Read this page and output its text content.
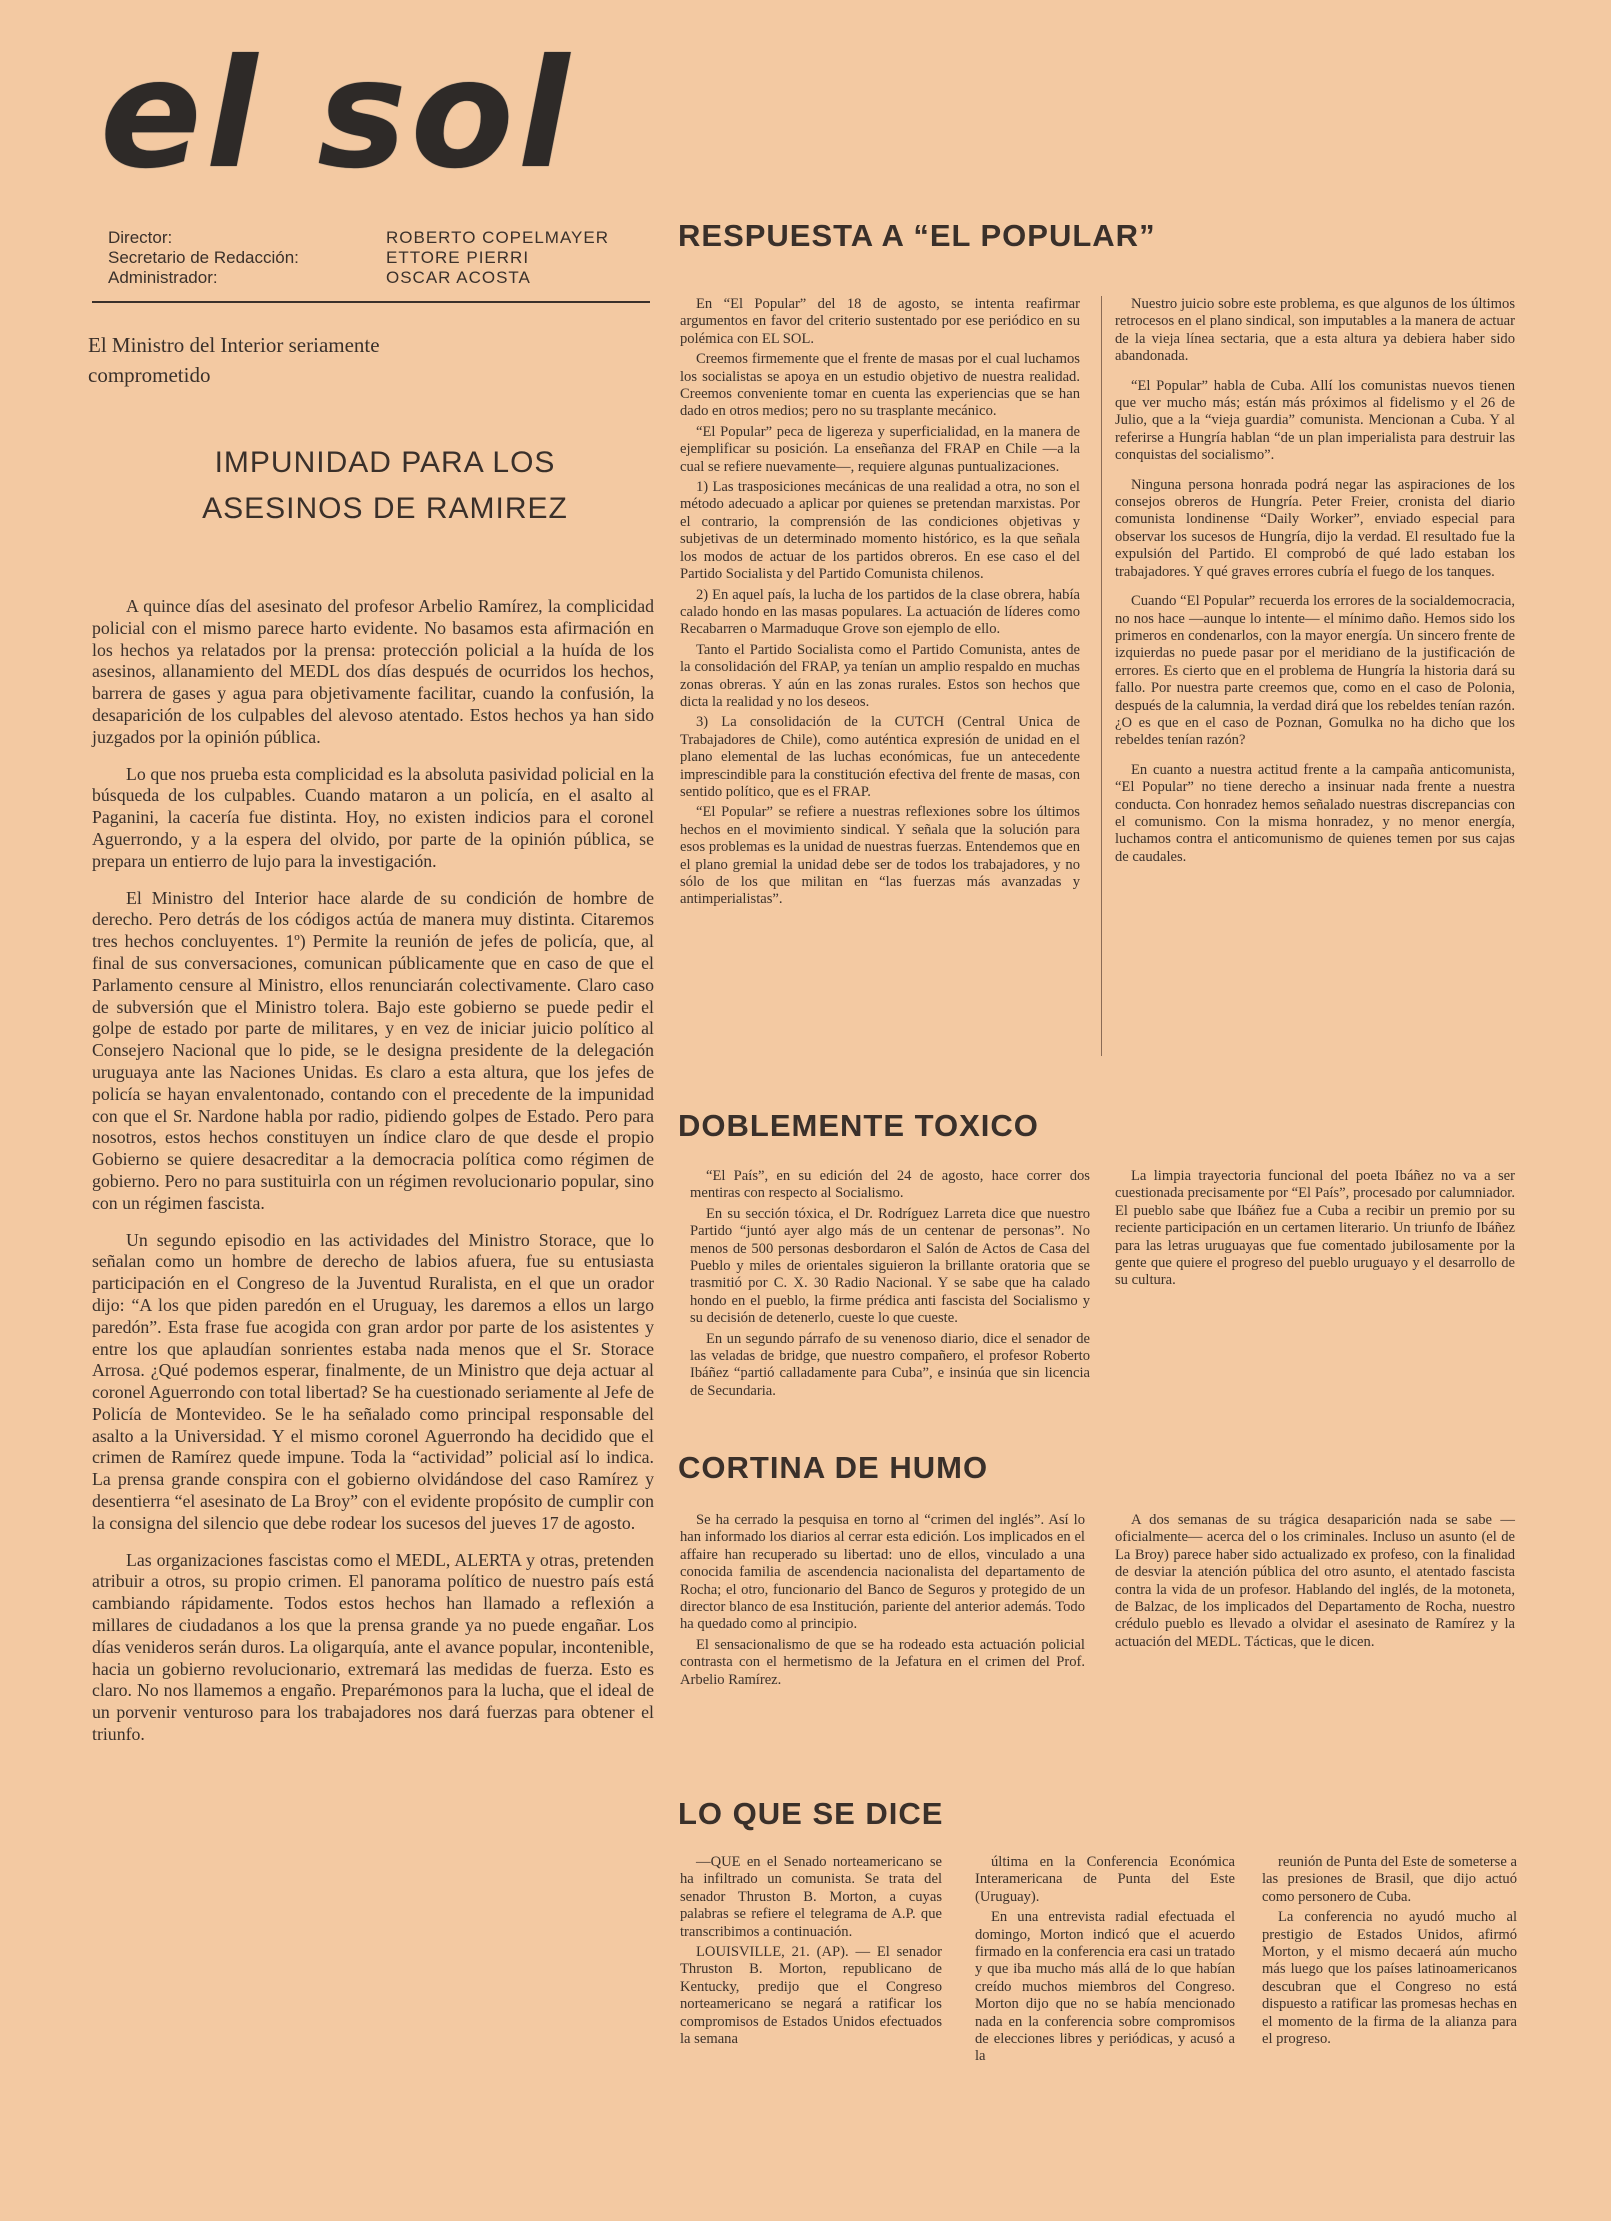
el sol
Director:	ROBERTO COPELMAYER
Secretario de Redacción:	ETTORE PIERRI
Administrador:	OSCAR ACOSTA
El Ministro del Interior seriamente comprometido
IMPUNIDAD PARA LOS ASESINOS DE RAMIREZ

A quince días del asesinato del profesor Arbelio Ramírez, la complicidad policial con el mismo parece harto evidente. No basamos esta afirmación en los hechos ya relatados por la prensa: protección policial a la huída de los asesinos, allanamiento del MEDL dos días después de ocurridos los hechos, barrera de gases y agua para objetivamente facilitar, cuando la confusión, la desaparición de los culpables del alevoso atentado. Estos hechos ya han sido juzgados por la opinión pública.

Lo que nos prueba esta complicidad es la absoluta pasividad policial en la búsqueda de los culpables. Cuando mataron a un policía, en el asalto al Paganini, la cacería fue distinta. Hoy, no existen indicios para el coronel Aguerrondo, y a la espera del olvido, por parte de la opinión pública, se prepara un entierro de lujo para la investigación.

El Ministro del Interior hace alarde de su condición de hombre de derecho. Pero detrás de los códigos actúa de manera muy distinta. Citaremos tres hechos concluyentes. 1º) Permite la reunión de jefes de policía, que, al final de sus conversaciones, comunican públicamente que en caso de que el Parlamento censure al Ministro, ellos renunciarán colectivamente. Claro caso de subversión que el Ministro tolera. Bajo este gobierno se puede pedir el golpe de estado por parte de militares, y en vez de iniciar juicio político al Consejero Nacional que lo pide, se le designa presidente de la delegación uruguaya ante las Naciones Unidas. Es claro a esta altura, que los jefes de policía se hayan envalentonado, contando con el precedente de la impunidad con que el Sr. Nardone habla por radio, pidiendo golpes de Estado. Pero para nosotros, estos hechos constituyen un índice claro de que desde el propio Gobierno se quiere desacreditar a la democracia política como régimen de gobierno. Pero no para sustituirla con un régimen revolucionario popular, sino con un régimen fascista.

Un segundo episodio en las actividades del Ministro Storace, que lo señalan como un hombre de derecho de labios afuera, fue su entusiasta participación en el Congreso de la Juventud Ruralista, en el que un orador dijo: “A los que piden paredón en el Uruguay, les daremos a ellos un largo paredón”. Esta frase fue acogida con gran ardor por parte de los asistentes y entre los que aplaudían sonrientes estaba nada menos que el Sr. Storace Arrosa. ¿Qué podemos esperar, finalmente, de un Ministro que deja actuar al coronel Aguerrondo con total libertad? Se ha cuestionado seriamente al Jefe de Policía de Montevideo. Se le ha señalado como principal responsable del asalto a la Universidad. Y el mismo coronel Aguerrondo ha decidido que el crimen de Ramírez quede impune. Toda la “actividad” policial así lo indica. La prensa grande conspira con el gobierno olvidándose del caso Ramírez y desentierra “el asesinato de La Broy” con el evidente propósito de cumplir con la consigna del silencio que debe rodear los sucesos del jueves 17 de agosto.

Las organizaciones fascistas como el MEDL, ALERTA y otras, pretenden atribuir a otros, su propio crimen. El panorama político de nuestro país está cambiando rápidamente. Todos estos hechos han llamado a reflexión a millares de ciudadanos a los que la prensa grande ya no puede engañar. Los días venideros serán duros. La oligarquía, ante el avance popular, incontenible, hacia un gobierno revolucionario, extremará las medidas de fuerza. Esto es claro. No nos llamemos a engaño. Preparémonos para la lucha, que el ideal de un porvenir venturoso para los trabajadores nos dará fuerzas para obtener el triunfo.

RESPUESTA A “EL POPULAR”

En “El Popular” del 18 de agosto, se intenta reafirmar argumentos en favor del criterio sustentado por ese periódico en su polémica con EL SOL.

Creemos firmemente que el frente de masas por el cual luchamos los socialistas se apoya en un estudio objetivo de nuestra realidad. Creemos conveniente tomar en cuenta las experiencias que se han dado en otros medios; pero no su trasplante mecánico.

“El Popular” peca de ligereza y superficialidad, en la manera de ejemplificar su posición. La enseñanza del FRAP en Chile —a la cual se refiere nuevamente—, requiere algunas puntualizaciones.

1) Las trasposiciones mecánicas de una realidad a otra, no son el método adecuado a aplicar por quienes se pretendan marxistas. Por el contrario, la comprensión de las condiciones objetivas y subjetivas de un determinado momento histórico, es la que señala los modos de actuar de los partidos obreros. En ese caso el del Partido Socialista y del Partido Comunista chilenos.

2) En aquel país, la lucha de los partidos de la clase obrera, había calado hondo en las masas populares. La actuación de líderes como Recabarren o Marmaduque Grove son ejemplo de ello.

Tanto el Partido Socialista como el Partido Comunista, antes de la consolidación del FRAP, ya tenían un amplio respaldo en muchas zonas obreras. Y aún en las zonas rurales. Estos son hechos que dicta la realidad y no los deseos.

3) La consolidación de la CUTCH (Central Unica de Trabajadores de Chile), como auténtica expresión de unidad en el plano elemental de las luchas económicas, fue un antecedente imprescindible para la constitución efectiva del frente de masas, con sentido político, que es el FRAP.

“El Popular” se refiere a nuestras reflexiones sobre los últimos hechos en el movimiento sindical. Y señala que la solución para esos problemas es la unidad de nuestras fuerzas. Entendemos que en el plano gremial la unidad debe ser de todos los trabajadores, y no sólo de los que militan en “las fuerzas más avanzadas y antimperialistas”.

Nuestro juicio sobre este problema, es que algunos de los últimos retrocesos en el plano sindical, son imputables a la manera de actuar de la vieja línea sectaria, que a esta altura ya debiera haber sido abandonada.

“El Popular” habla de Cuba. Allí los comunistas nuevos tienen que ver mucho más; están más próximos al fidelismo y el 26 de Julio, que a la “vieja guardia” comunista. Mencionan a Cuba. Y al referirse a Hungría hablan “de un plan imperialista para destruir las conquistas del socialismo”.

Ninguna persona honrada podrá negar las aspiraciones de los consejos obreros de Hungría. Peter Freier, cronista del diario comunista londinense “Daily Worker”, enviado especial para observar los sucesos de Hungría, dijo la verdad. El resultado fue la expulsión del Partido. El comprobó de qué lado estaban los trabajadores. Y qué graves errores cubría el fuego de los tanques.

Cuando “El Popular” recuerda los errores de la socialdemocracia, no nos hace —aunque lo intente— el mínimo daño. Hemos sido los primeros en condenarlos, con la mayor energía. Un sincero frente de izquierdas no puede pasar por el meridiano de la justificación de errores. Es cierto que en el problema de Hungría la historia dará su fallo. Por nuestra parte creemos que, como en el caso de Polonia, después de la calumnia, la verdad dirá que los rebeldes tenían razón. ¿O es que en el caso de Poznan, Gomulka no ha dicho que los rebeldes tenían razón?

En cuanto a nuestra actitud frente a la campaña anticomunista, “El Popular” no tiene derecho a insinuar nada frente a nuestra conducta. Con honradez hemos señalado nuestras discrepancias con el comunismo. Con la misma honradez, y no menor energía, luchamos contra el anticomunismo de quienes temen por sus cajas de caudales.

DOBLEMENTE TOXICO

“El País”, en su edición del 24 de agosto, hace correr dos mentiras con respecto al Socialismo.

En su sección tóxica, el Dr. Rodríguez Larreta dice que nuestro Partido “juntó ayer algo más de un centenar de personas”. No menos de 500 personas desbordaron el Salón de Actos de Casa del Pueblo y miles de orientales siguieron la brillante oratoria que se trasmitió por C. X. 30 Radio Nacional. Y se sabe que ha calado hondo en el pueblo, la firme prédica anti fascista del Socialismo y su decisión de detenerlo, cueste lo que cueste.

En un segundo párrafo de su venenoso diario, dice el senador de las veladas de bridge, que nuestro compañero, el profesor Roberto Ibáñez “partió calladamente para Cuba”, e insinúa que sin licencia de Secundaria.

La limpia trayectoria funcional del poeta Ibáñez no va a ser cuestionada precisamente por “El País”, procesado por calumniador. El pueblo sabe que Ibáñez fue a Cuba a recibir un premio por su reciente participación en un certamen literario. Un triunfo de Ibáñez para las letras uruguayas que fue comentado jubilosamente por la gente que quiere el progreso del pueblo uruguayo y el desarrollo de su cultura.

CORTINA DE HUMO

Se ha cerrado la pesquisa en torno al “crimen del inglés”. Así lo han informado los diarios al cerrar esta edición. Los implicados en el affaire han recuperado su libertad: uno de ellos, vinculado a una conocida familia de ascendencia nacionalista del departamento de Rocha; el otro, funcionario del Banco de Seguros y protegido de un director blanco de esa Institución, pariente del anterior además. Todo ha quedado como al principio.

El sensacionalismo de que se ha rodeado esta actuación policial contrasta con el hermetismo de la Jefatura en el crimen del Prof. Arbelio Ramírez.

A dos semanas de su trágica desaparición nada se sabe —oficialmente— acerca del o los criminales. Incluso un asunto (el de La Broy) parece haber sido actualizado ex profeso, con la finalidad de desviar la atención pública del otro asunto, el atentado fascista contra la vida de un profesor. Hablando del inglés, de la motoneta, de Balzac, de los implicados del Departamento de Rocha, nuestro crédulo pueblo es llevado a olvidar el asesinato de Ramírez y la actuación del MEDL. Tácticas, que le dicen.

LO QUE SE DICE

—QUE en el Senado norteamericano se ha infiltrado un comunista. Se trata del senador Thruston B. Morton, a cuyas palabras se refiere el telegrama de A.P. que transcribimos a continuación.

LOUISVILLE, 21. (AP). — El senador Thruston B. Morton, republicano de Kentucky, predijo que el Congreso norteamericano se negará a ratificar los compromisos de Estados Unidos efectuados la semana

última en la Conferencia Económica Interamericana de Punta del Este (Uruguay).

En una entrevista radial efectuada el domingo, Morton indicó que el acuerdo firmado en la conferencia era casi un tratado y que iba mucho más allá de lo que habían creído muchos miembros del Congreso. Morton dijo que no se había mencionado nada en la conferencia sobre compromisos de elecciones libres y periódicas, y acusó a la

reunión de Punta del Este de someterse a las presiones de Brasil, que dijo actuó como personero de Cuba.

La conferencia no ayudó mucho al prestigio de Estados Unidos, afirmó Morton, y el mismo decaerá aún mucho más luego que los países latinoamericanos descubran que el Congreso no está dispuesto a ratificar las promesas hechas en el momento de la firma de la alianza para el progreso.
